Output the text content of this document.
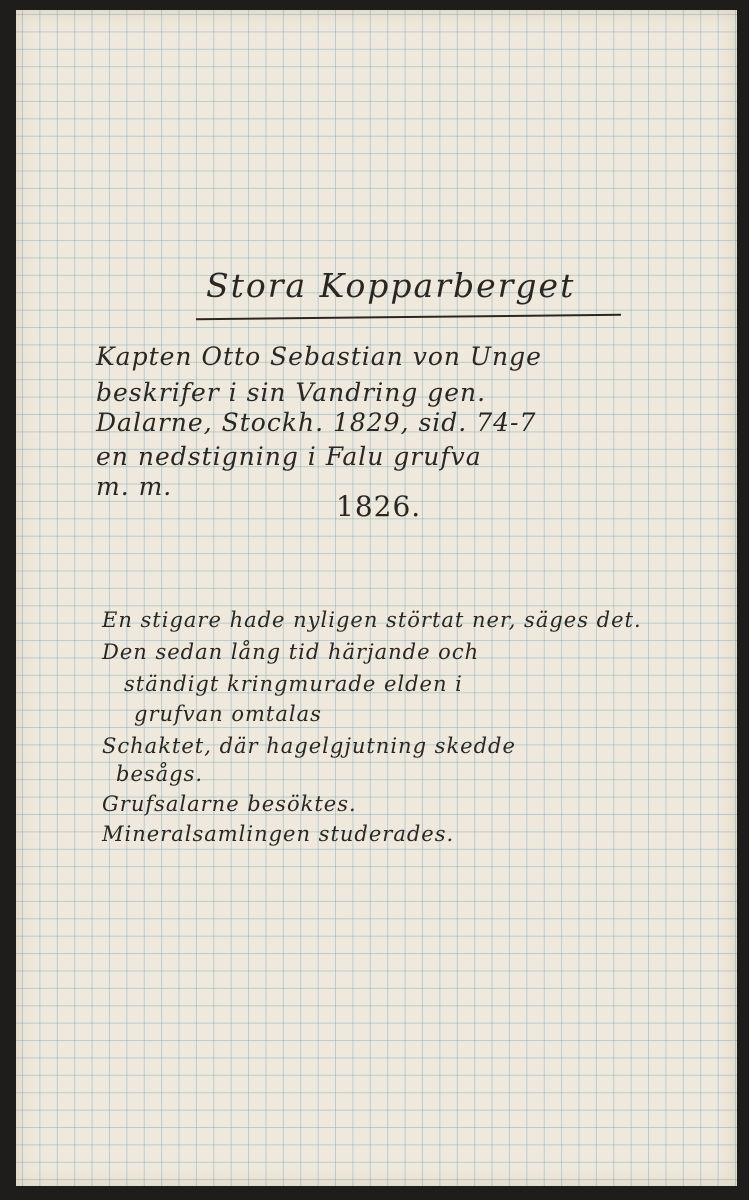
Stora Kopparberget
Kapten Otto Sebastian von Unge
beskrifer i sin Vandring gen.
Dalarne, Stockh. 1829, sid. 74-7
en nedstigning i Falu grufva
m. m.
1826.
En stigare hade nyligen störtat ner, säges det.
Den sedan lång tid härjande och
ständigt kringmurade elden i
grufvan omtalas
Schaktet, där hagelgjutning skedde
besågs.
Grufsalarne besöktes.
Mineralsamlingen studerades.
